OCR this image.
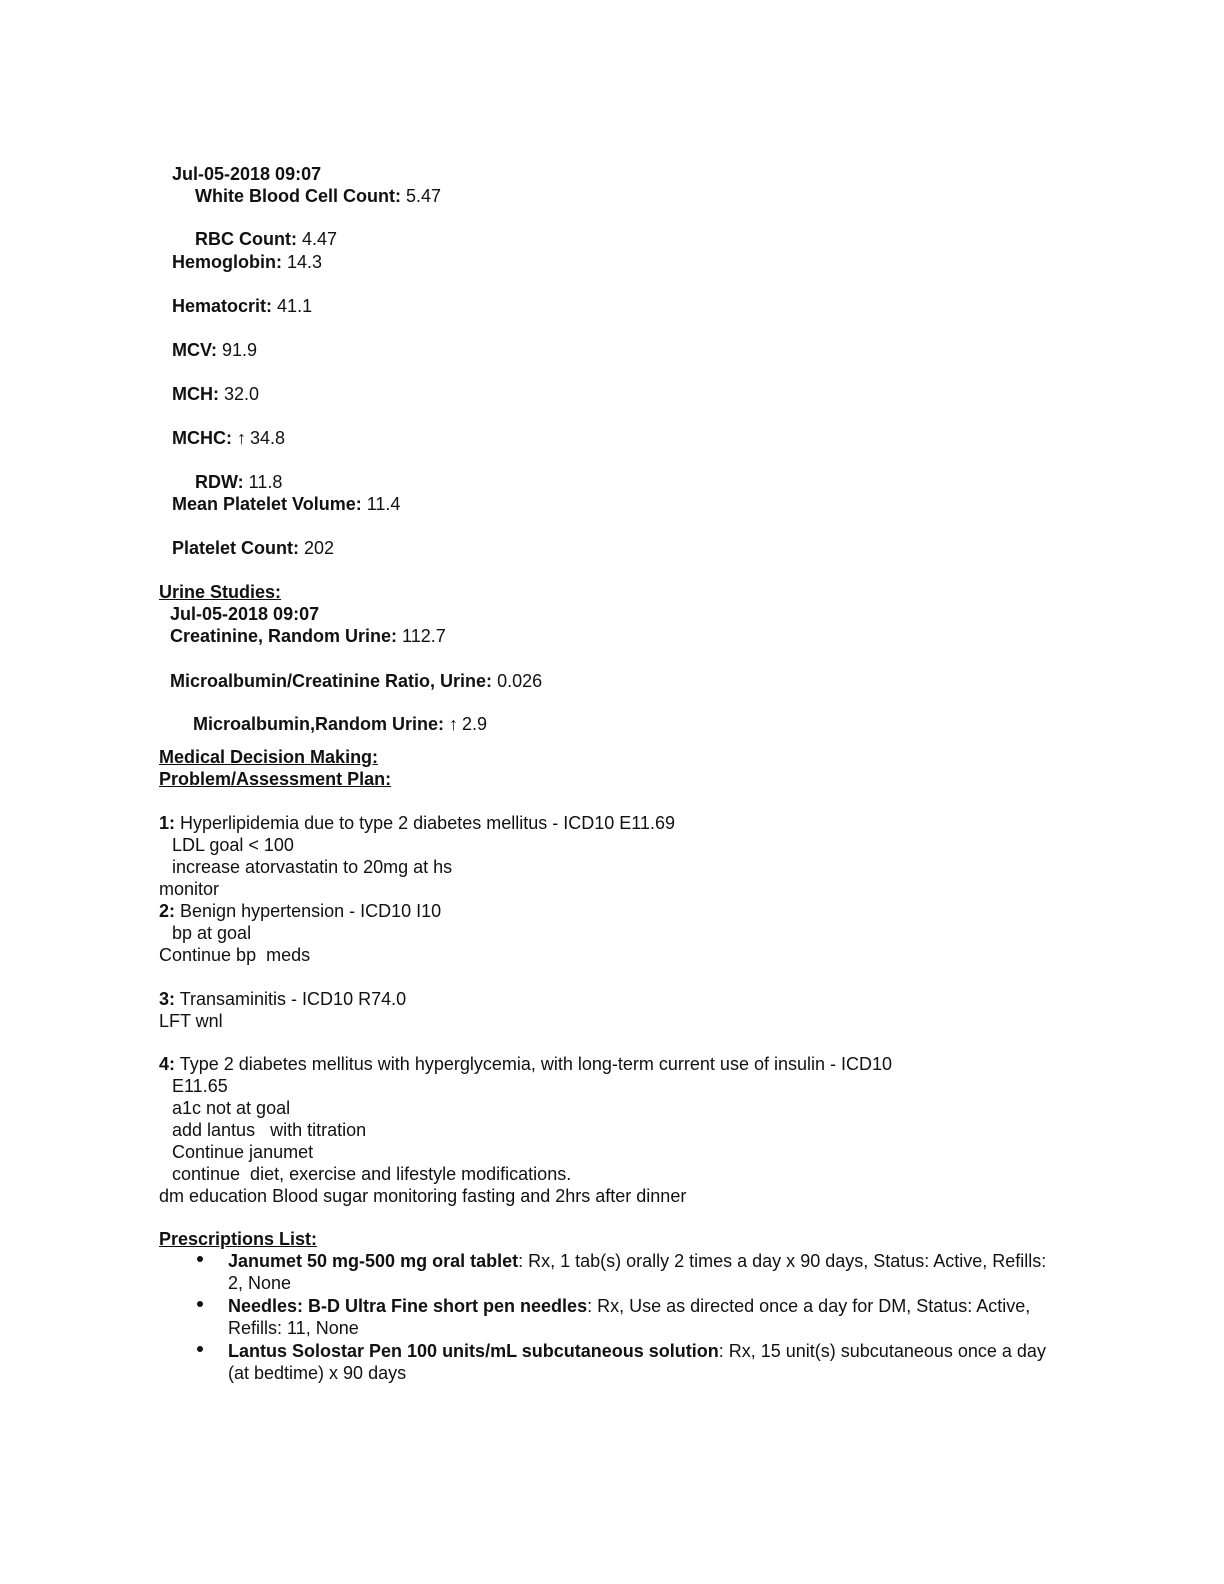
Jul-05-2018 09:07
White Blood Cell Count: 5.47
RBC Count: 4.47
Hemoglobin: 14.3
Hematocrit: 41.1
MCV: 91.9
MCH: 32.0
MCHC: ↑ 34.8
RDW: 11.8
Mean Platelet Volume: 11.4
Platelet Count: 202
Urine Studies:
Jul-05-2018 09:07
Creatinine, Random Urine: 112.7
Microalbumin/Creatinine Ratio, Urine: 0.026
Microalbumin,Random Urine: ↑ 2.9
Medical Decision Making:
Problem/Assessment Plan:
1: Hyperlipidemia due to type 2 diabetes mellitus - ICD10 E11.69
LDL goal < 100
increase atorvastatin to 20mg at hs
monitor
2: Benign hypertension - ICD10 I10
bp at goal
Continue bp  meds
3: Transaminitis - ICD10 R74.0
LFT wnl
4: Type 2 diabetes mellitus with hyperglycemia, with long-term current use of insulin - ICD10
E11.65
a1c not at goal
add lantus   with titration
Continue janumet
continue  diet, exercise and lifestyle modifications.
dm education Blood sugar monitoring fasting and 2hrs after dinner
Prescriptions List:
Janumet 50 mg-500 mg oral tablet: Rx, 1 tab(s) orally 2 times a day x 90 days, Status: Active, Refills: 2, None
Needles: B-D Ultra Fine short pen needles: Rx, Use as directed once a day for DM, Status: Active, Refills: 11, None
Lantus Solostar Pen 100 units/mL subcutaneous solution: Rx, 15 unit(s) subcutaneous once a day (at bedtime) x 90 days
